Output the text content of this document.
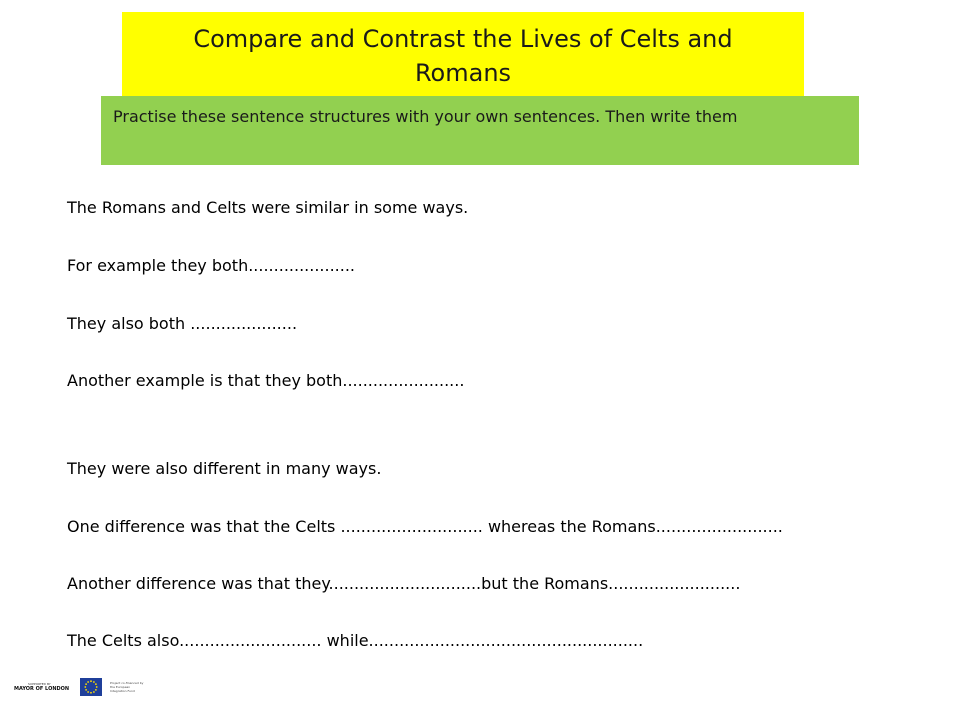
Compare and Contrast the Lives of Celts and Romans
Practise these sentence structures with your own sentences. Then write them
The Romans and Celts were similar in some ways.
For example they both.....................
They also both .....................
Another example is that they both........................
They were also different in many ways.
One difference was that the Celts ............................ whereas the Romans.........................
Another difference was that they..............................but the Romans..........................
The Celts also............................ while......................................................
SUPPORTED BY
MAYOR OF LONDON
Project co-financed by the European Integration Fund
